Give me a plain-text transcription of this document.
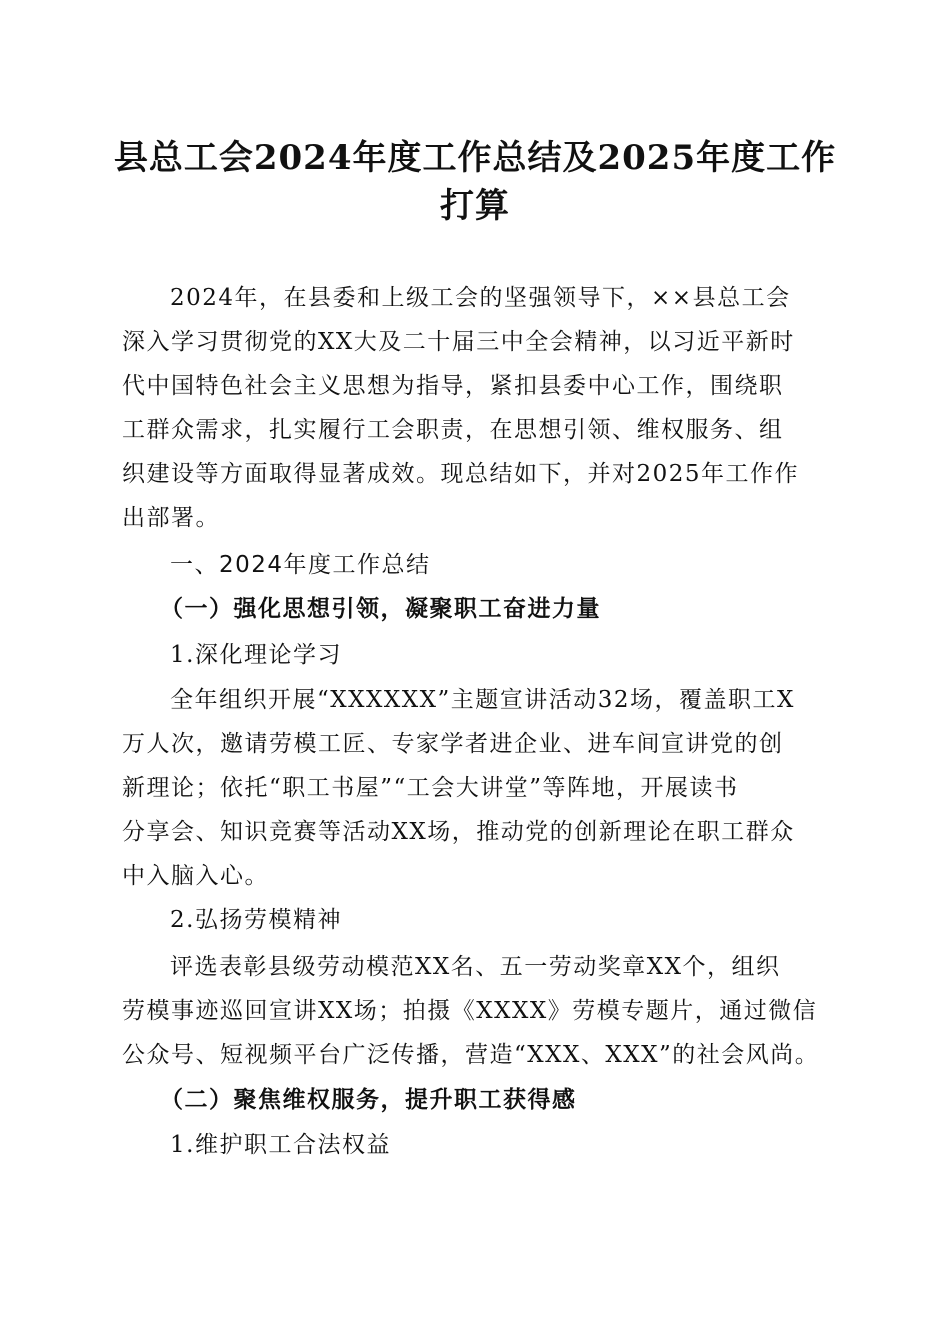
县总工会2024年度工作总结及2025年度工作
打算

2024年，在县委和上级工会的坚强领导下，××县总工会

深入学习贯彻党的XX大及二十届三中全会精神，以习近平新时

代中国特色社会主义思想为指导，紧扣县委中心工作，围绕职

工群众需求，扎实履行工会职责，在思想引领、维权服务、组

织建设等方面取得显著成效。现总结如下，并对2025年工作作

出部署。

一、2024年度工作总结

（一）强化思想引领，凝聚职工奋进力量

1.深化理论学习

全年组织开展“XXXXXX”主题宣讲活动32场，覆盖职工X

万人次，邀请劳模工匠、专家学者进企业、进车间宣讲党的创

新理论；依托“职工书屋”“工会大讲堂”等阵地，开展读书

分享会、知识竞赛等活动XX场，推动党的创新理论在职工群众

中入脑入心。

2.弘扬劳模精神

评选表彰县级劳动模范XX名、五一劳动奖章XX个，组织

劳模事迹巡回宣讲XX场；拍摄《XXXX》劳模专题片，通过微信

公众号、短视频平台广泛传播，营造“XXX、XXX”的社会风尚。

（二）聚焦维权服务，提升职工获得感

1.维护职工合法权益
